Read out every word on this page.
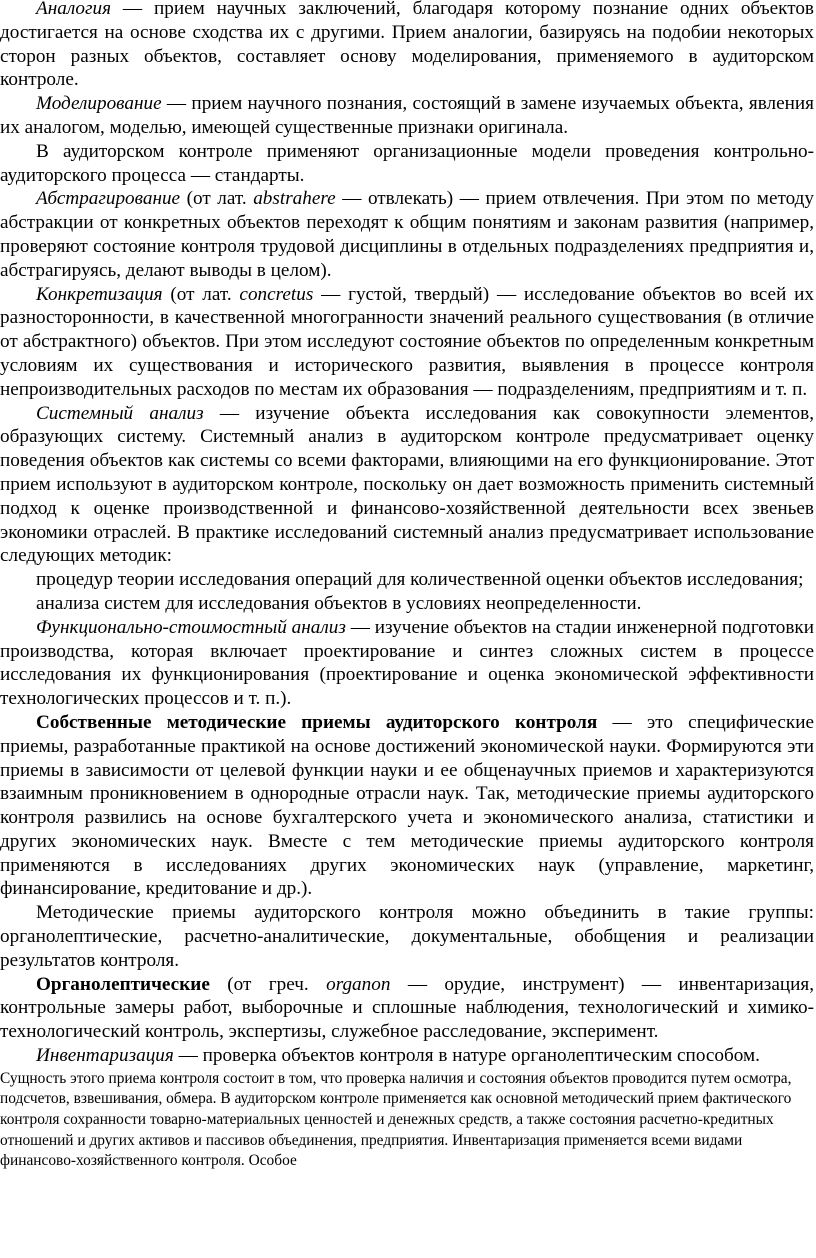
Аналогия — прием научных заключений, благодаря которому познание одних объектов достигается на основе сходства их с другими. Прием аналогии, базируясь на подобии некоторых сторон разных объектов, составляет основу моделирования, применяемого в аудиторском контроле.

Моделирование — прием научного познания, состоящий в замене изучаемых объекта, явления их аналогом, моделью, имеющей существенные признаки оригинала.

В аудиторском контроле применяют организационные модели проведения контрольно-аудиторского процесса — стандарты.

Абстрагирование (от лат. abstrahere — отвлекать) — прием отвлечения. При этом по методу абстракции от конкретных объектов переходят к общим понятиям и законам развития (например, проверяют состояние контроля трудовой дисциплины в отдельных подразделениях предприятия и, абстрагируясь, делают выводы в целом).

Конкретизация (от лат. concretus — густой, твердый) — исследование объектов во всей их разносторонности, в качественной многогранности значений реального существования (в отличие от абстрактного) объектов. При этом исследуют состояние объектов по определенным конкретным условиям их существования и исторического развития, выявления в процессе контроля непроизводительных расходов по местам их образования — подразделениям, предприятиям и т. п.

Системный анализ — изучение объекта исследования как совокупности элементов, образующих систему. Системный анализ в аудиторском контроле предусматривает оценку поведения объектов как системы со всеми факторами, влияющими на его функционирование. Этот прием используют в аудиторском контроле, поскольку он дает возможность применить системный подход к оценке производственной и финансово-хозяйственной деятельности всех звеньев экономики отраслей. В практике исследований системный анализ предусматривает использование следующих методик:

процедур теории исследования операций для количественной оценки объектов исследования;

анализа систем для исследования объектов в условиях неопределенности.

Функционально-стоимостный анализ — изучение объектов на стадии инженерной подготовки производства, которая включает проектирование и синтез сложных систем в процессе исследования их функционирования (проектирование и оценка экономической эффективности технологических процессов и т. п.).

Собственные методические приемы аудиторского контроля — это специфические приемы, разработанные практикой на основе достижений экономической науки. Формируются эти приемы в зависимости от целевой функции науки и ее общенаучных приемов и характеризуются взаимным проникновением в однородные отрасли наук. Так, методические приемы аудиторского контроля развились на основе бухгалтерского учета и экономического анализа, статистики и других экономических наук. Вместе с тем методические приемы аудиторского контроля применяются в исследованиях других экономических наук (управление, маркетинг, финансирование, кредитование и др.).

Методические приемы аудиторского контроля можно объединить в такие группы: органолептические, расчетно-аналитические, документальные, обобщения и реализации результатов контроля.

Органолептические (от греч. organon — орудие, инструмент) — инвентаризация, контрольные замеры работ, выборочные и сплошные наблюдения, технологический и химико-технологический контроль, экспертизы, служебное расследование, эксперимент.

Инвентаризация — проверка объектов контроля в натуре органолептическим способом.

Сущность этого приема контроля состоит в том, что проверка наличия и состояния объектов проводится путем осмотра, подсчетов, взвешивания, обмера. В аудиторском контроле применяется как основной методический прием фактического контроля сохранности товарно-материальных ценностей и денежных средств, а также состояния расчетно-кредитных отношений и других активов и пассивов объединения, предприятия. Инвентаризация применяется всеми видами финансово-хозяйственного контроля. Особое
